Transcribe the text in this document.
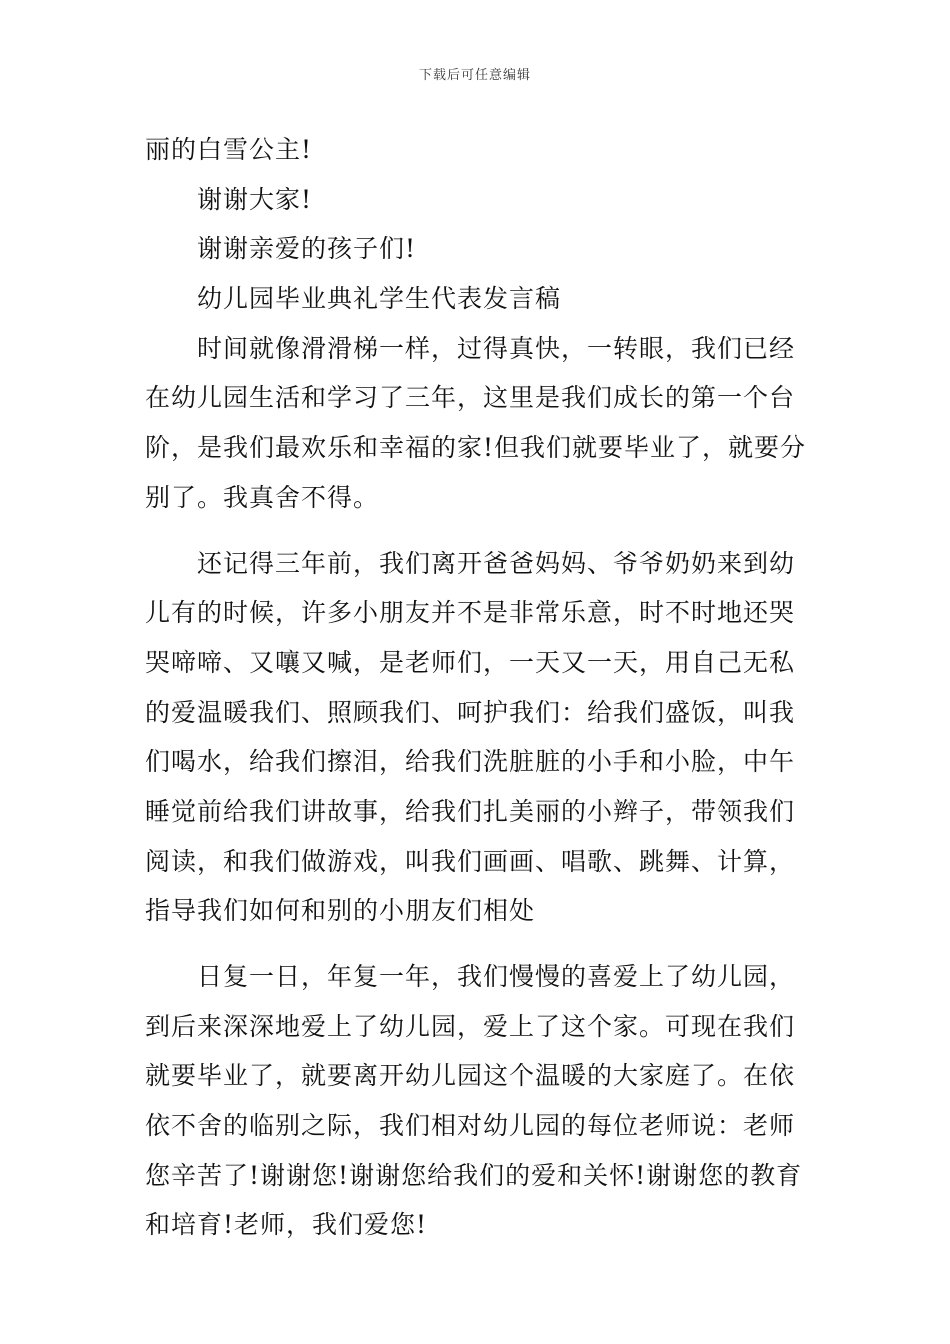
下载后可任意编辑
丽的白雪公主!
谢谢大家!
谢谢亲爱的孩子们!
幼儿园毕业典礼学生代表发言稿
时间就像滑滑梯一样，过得真快，一转眼，我们已经
在幼儿园生活和学习了三年，这里是我们成长的第一个台
阶，是我们最欢乐和幸福的家!但我们就要毕业了，就要分
别了。我真舍不得。
还记得三年前，我们离开爸爸妈妈、爷爷奶奶来到幼
儿有的时候，许多小朋友并不是非常乐意，时不时地还哭
哭啼啼、又嚷又喊，是老师们，一天又一天，用自己无私
的爱温暖我们、照顾我们、呵护我们：给我们盛饭，叫我
们喝水，给我们擦泪，给我们洗脏脏的小手和小脸，中午
睡觉前给我们讲故事，给我们扎美丽的小辫子，带领我们
阅读，和我们做游戏，叫我们画画、唱歌、跳舞、计算，
指导我们如何和别的小朋友们相处
日复一日，年复一年，我们慢慢的喜爱上了幼儿园，
到后来深深地爱上了幼儿园，爱上了这个家。可现在我们
就要毕业了，就要离开幼儿园这个温暖的大家庭了。在依
依不舍的临别之际，我们相对幼儿园的每位老师说：老师
您辛苦了!谢谢您!谢谢您给我们的爱和关怀!谢谢您的教育
和培育!老师，我们爱您!
